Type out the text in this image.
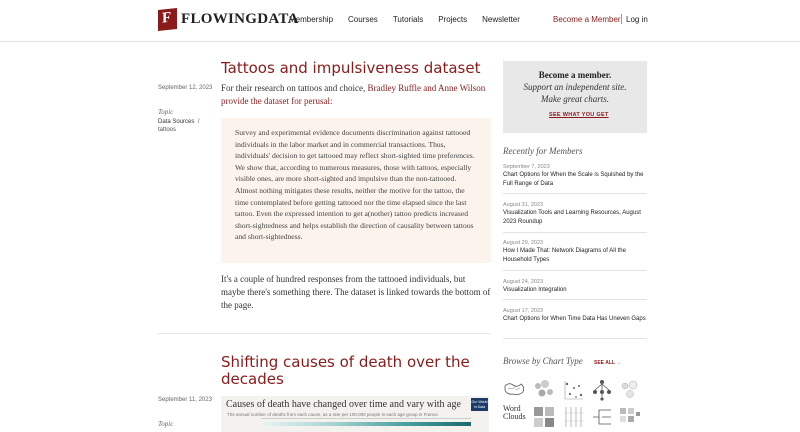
F FLOWINGDATA
Membership Courses Tutorials Projects Newsletter	Become a Member Log in
Tattoos and impulsiveness dataset
September 12, 2023
Topic
Data Sources  /
tattoos

For their research on tattoos and choice, Bradley Ruffle and Anne Wilson provide the dataset for perusal:

Survey and experimental evidence documents discrimination against tattooed individuals in the labor market and in commercial transactions. Thus, individuals' decision to get tattooed may reflect short-sighted time preferences. We show that, according to numerous measures, those with tattoos, especially visible ones, are more short-sighted and impulsive than the non-tattooed. Almost nothing mitigates these results, neither the motive for the tattoo, the time contemplated before getting tattooed nor the time elapsed since the last tattoo. Even the expressed intention to get a(nother) tattoo predicts increased short-sightedness and helps establish the direction of causality between tattoos and short-sightedness.

It's a couple of hundred responses from the tattooed individuals, but maybe there's something there. The dataset is linked towards the bottom of the page.

Shifting causes of death over the decades
September 11, 2023
Topic
Causes of death have changed over time and vary with age
The annual number of deaths from each cause, as a rate per 100,000 people in each age group in France.
Our World in Data
Become a member.
Support an independent site.
Make great charts.
SEE WHAT YOU GET
Recently for Members
September 7, 2023
Chart Options for When the Scale is Squished by the Full Range of Data
August 31, 2023
Visualization Tools and Learning Resources, August 2023 Roundup
August 29, 2023
How I Made That: Network Diagrams of All the Household Types
August 24, 2023
Visualization Integration
August 17, 2023
Chart Options for When Time Data Has Uneven Gaps
Browse by Chart Type SEE ALL →
Word Clouds
